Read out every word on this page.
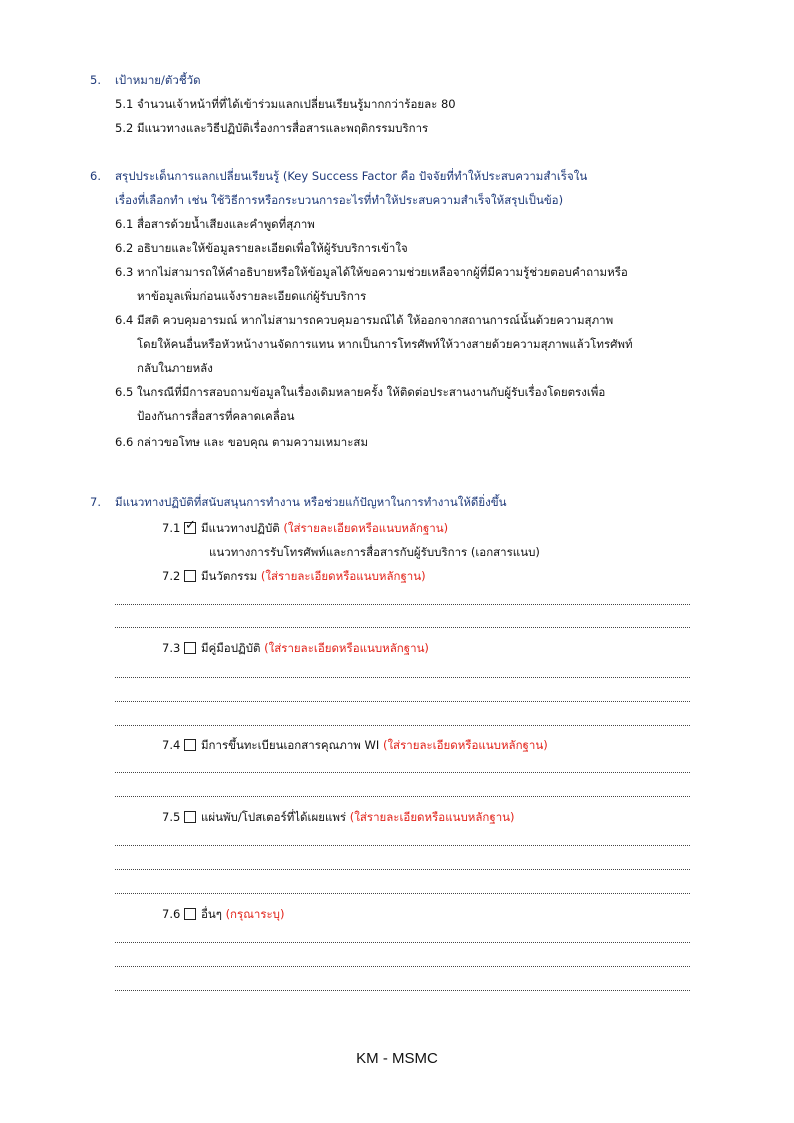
5. เป้าหมาย/ตัวชี้วัด
5.1 จำนวนเจ้าหน้าที่ที่ได้เข้าร่วมแลกเปลี่ยนเรียนรู้มากกว่าร้อยละ 80
5.2 มีแนวทางและวิธีปฏิบัติเรื่องการสื่อสารและพฤติกรรมบริการ
6. สรุปประเด็นการแลกเปลี่ยนเรียนรู้ (Key Success Factor คือ ปัจจัยที่ทำให้ประสบความสำเร็จใน
เรื่องที่เลือกทำ เช่น ใช้วิธีการหรือกระบวนการอะไรที่ทำให้ประสบความสำเร็จให้สรุปเป็นข้อ)
6.1 สื่อสารด้วยน้ำเสียงและคำพูดที่สุภาพ
6.2 อธิบายและให้ข้อมูลรายละเอียดเพื่อให้ผู้รับบริการเข้าใจ
6.3 หากไม่สามารถให้คำอธิบายหรือให้ข้อมูลได้ให้ขอความช่วยเหลือจากผู้ที่มีความรู้ช่วยตอบคำถามหรือ
หาข้อมูลเพิ่มก่อนแจ้งรายละเอียดแก่ผู้รับบริการ
6.4 มีสติ ควบคุมอารมณ์ หากไม่สามารถควบคุมอารมณ์ได้ ให้ออกจากสถานการณ์นั้นด้วยความสุภาพ
โดยให้คนอื่นหรือหัวหน้างานจัดการแทน หากเป็นการโทรศัพท์ให้วางสายด้วยความสุภาพแล้วโทรศัพท์
กลับในภายหลัง
6.5 ในกรณีที่มีการสอบถามข้อมูลในเรื่องเดิมหลายครั้ง ให้ติดต่อประสานงานกับผู้รับเรื่องโดยตรงเพื่อ
ป้องกันการสื่อสารที่คลาดเคลื่อน
6.6 กล่าวขอโทษ และ ขอบคุณ ตามความเหมาะสม
7. มีแนวทางปฏิบัติที่สนับสนุนการทำงาน หรือช่วยแก้ปัญหาในการทำงานให้ดียิ่งขึ้น
7.1 ✓ มีแนวทางปฏิบัติ (ใส่รายละเอียดหรือแนบหลักฐาน)
แนวทางการรับโทรศัพท์และการสื่อสารกับผู้รับบริการ (เอกสารแนบ)
7.2 มีนวัตกรรม (ใส่รายละเอียดหรือแนบหลักฐาน)
7.3 มีคู่มือปฏิบัติ (ใส่รายละเอียดหรือแนบหลักฐาน)
7.4 มีการขึ้นทะเบียนเอกสารคุณภาพ WI (ใส่รายละเอียดหรือแนบหลักฐาน)
7.5 แผ่นพับ/โปสเตอร์ที่ได้เผยแพร่ (ใส่รายละเอียดหรือแนบหลักฐาน)
7.6 อื่นๆ (กรุณาระบุ)
KM - MSMC
